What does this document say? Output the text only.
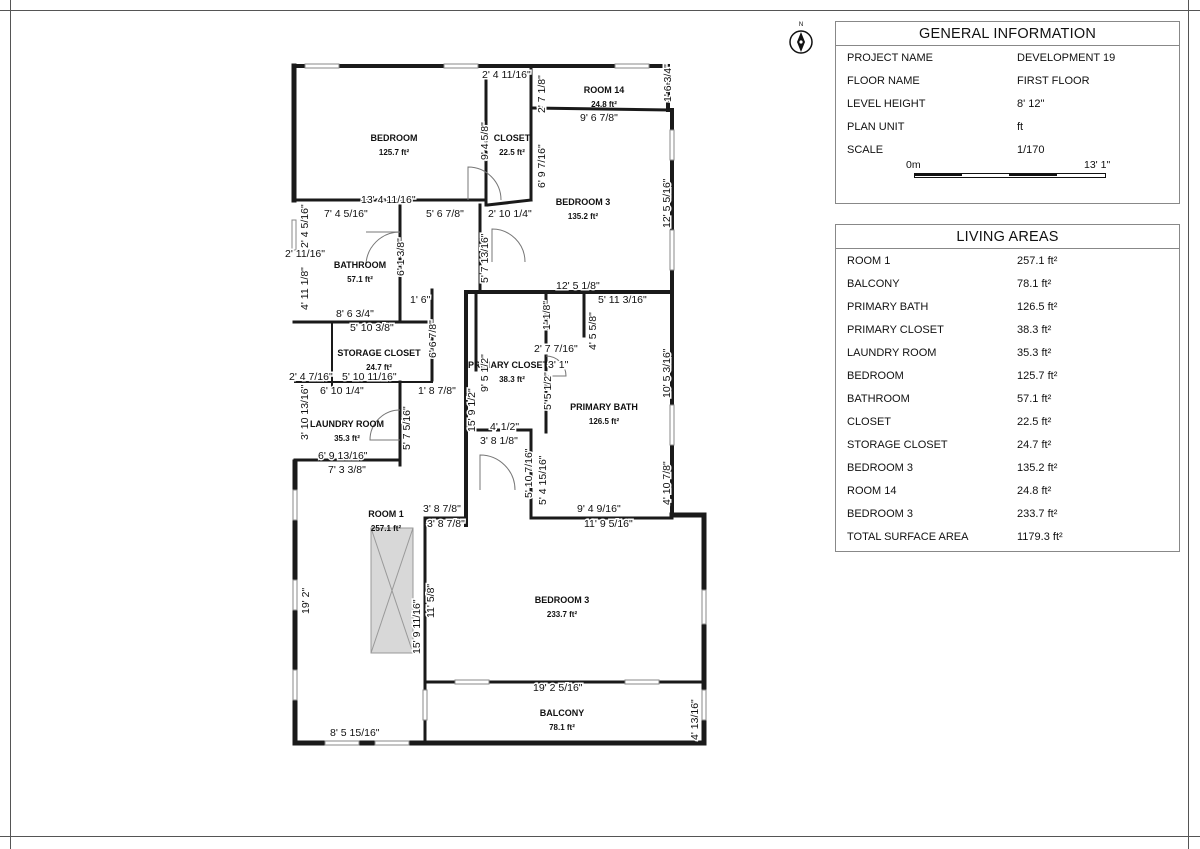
N
BEDROOM
125.7 ft²
CLOSET
22.5 ft²
ROOM 14
24.8 ft²
BEDROOM 3
135.2 ft²
BATHROOM
57.1 ft²
STORAGE CLOSET
24.7 ft²	PRIMARY CLOSET
38.3 ft²
PRIMARY BATH
126.5 ft²
LAUNDRY ROOM
35.3 ft²
ROOM 1
257.1 ft²
BEDROOM 3
233.7 ft²
BALCONY
78.1 ft²
2' 4 11/16"
2' 7 1/8"	1' 6 3/4"
9' 6 7/8"
9' 4 5/8"
6' 9 7/16"
13' 4 11/16"
7' 4 5/16"	5' 6 7/8" 2' 10 1/4"	12' 5 5/16"
2' 4 5/16"
2' 11/16"	6' 1 3/8"	5' 7 13/16"
12' 5 1/8"
5' 11 3/16"
4' 11 1/8"
8' 6 3/4"
5' 10 3/8"
1' 6"
6' 6 7/8"
1' 1/8"	4' 5 5/8"
2' 7 7/16"
3' 1"	10' 5 3/16"
2' 4 7/16" 5' 10 11/16"
6' 10 1/4"	1' 8 7/8" 9' 5 1/2"	5' 5 1/2"
3' 10 13/16"	5' 7 5/16"	4' 1/2"
3' 8 1/8"
15' 9 1/2"
6' 9 13/16"
7' 3 3/8"	5' 10 7/16" 5' 4 15/16"	4' 10 7/8"
9' 4 9/16"
11' 9 5/16"
3' 8 7/8"
3' 8 7/8"
19' 2"	11' 5/8"
15' 9 11/16"
19' 2 5/16"
4' 13/16"
8' 5 15/16"
GENERAL INFORMATION
PROJECT NAME	DEVELOPMENT 19
FLOOR NAME	FIRST FLOOR
LEVEL HEIGHT	8' 12"
PLAN UNIT	ft
SCALE	1/170
0m	13' 1"
LIVING AREAS
ROOM 1	257.1 ft²
BALCONY	78.1 ft²
PRIMARY BATH	126.5 ft²
PRIMARY CLOSET	38.3 ft²
LAUNDRY ROOM	35.3 ft²
BEDROOM	125.7 ft²
BATHROOM	57.1 ft²
CLOSET	22.5 ft²
STORAGE CLOSET	24.7 ft²
BEDROOM 3	135.2 ft²
ROOM 14	24.8 ft²
BEDROOM 3	233.7 ft²
TOTAL SURFACE AREA	1179.3 ft²
